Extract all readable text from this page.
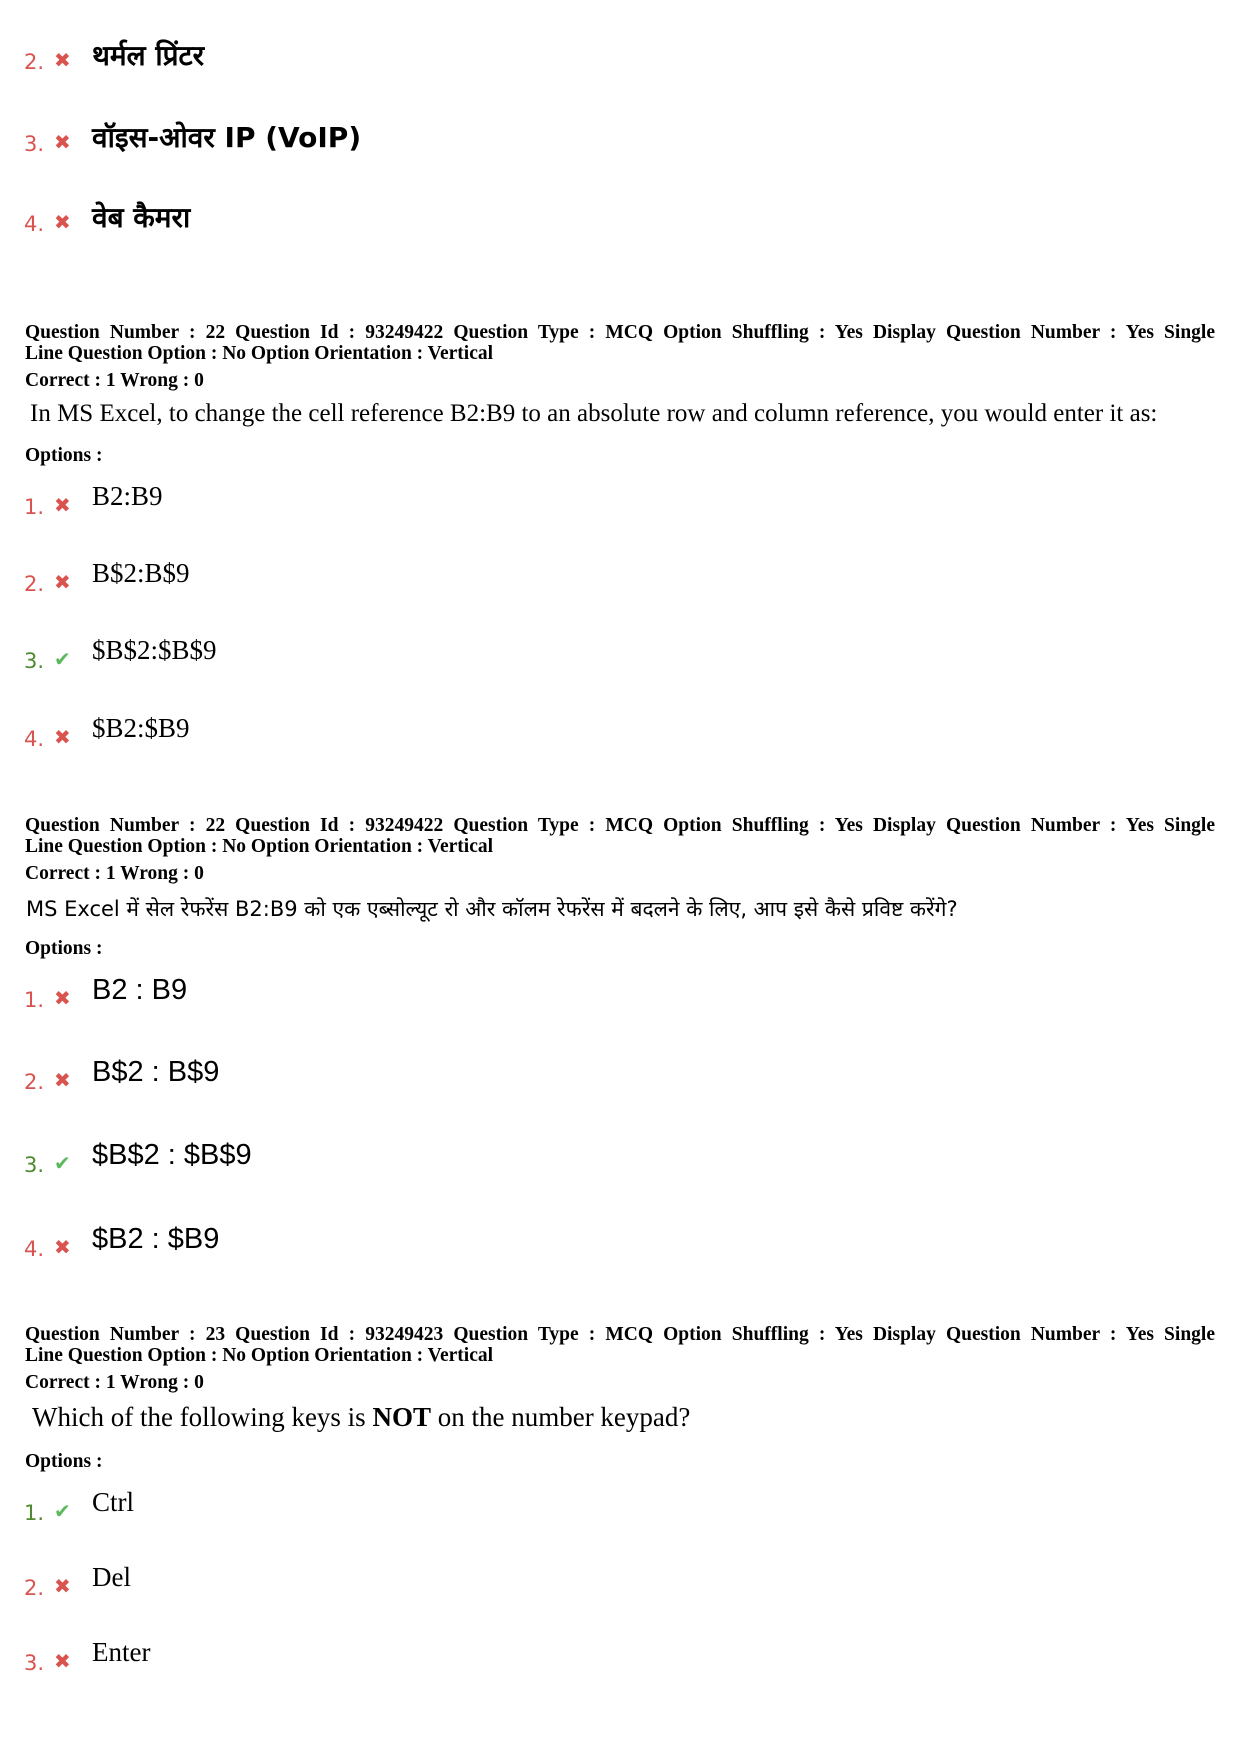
2. ✖ थर्मल प्रिंटर
3. ✖ वॉइस-ओवर IP (VoIP)
4. ✖ वेब कैमरा
Question Number : 22 Question Id : 93249422 Question Type : MCQ Option Shuffling : Yes Display Question Number : Yes Single
Line Question Option : No Option Orientation : Vertical
Correct : 1 Wrong : 0
In MS Excel, to change the cell reference B2:B9 to an absolute row and column reference, you would enter it as:
Options :
1. ✖ B2:B9
2. ✖ B$2:B$9
3. ✔ $B$2:$B$9
4. ✖ $B2:$B9
Question Number : 22 Question Id : 93249422 Question Type : MCQ Option Shuffling : Yes Display Question Number : Yes Single
Line Question Option : No Option Orientation : Vertical
Correct : 1 Wrong : 0
MS Excel में सेल रेफरेंस B2:B9 को एक एब्सोल्यूट रो और कॉलम रेफरेंस में बदलने के लिए, आप इसे कैसे प्रविष्ट करेंगे?
Options :
1. ✖ B2 : B9
2. ✖ B$2 : B$9
3. ✔ $B$2 : $B$9
4. ✖ $B2 : $B9
Question Number : 23 Question Id : 93249423 Question Type : MCQ Option Shuffling : Yes Display Question Number : Yes Single
Line Question Option : No Option Orientation : Vertical
Correct : 1 Wrong : 0
Which of the following keys is NOT on the number keypad?
Options :
1. ✔ Ctrl
2. ✖ Del
3. ✖ Enter
